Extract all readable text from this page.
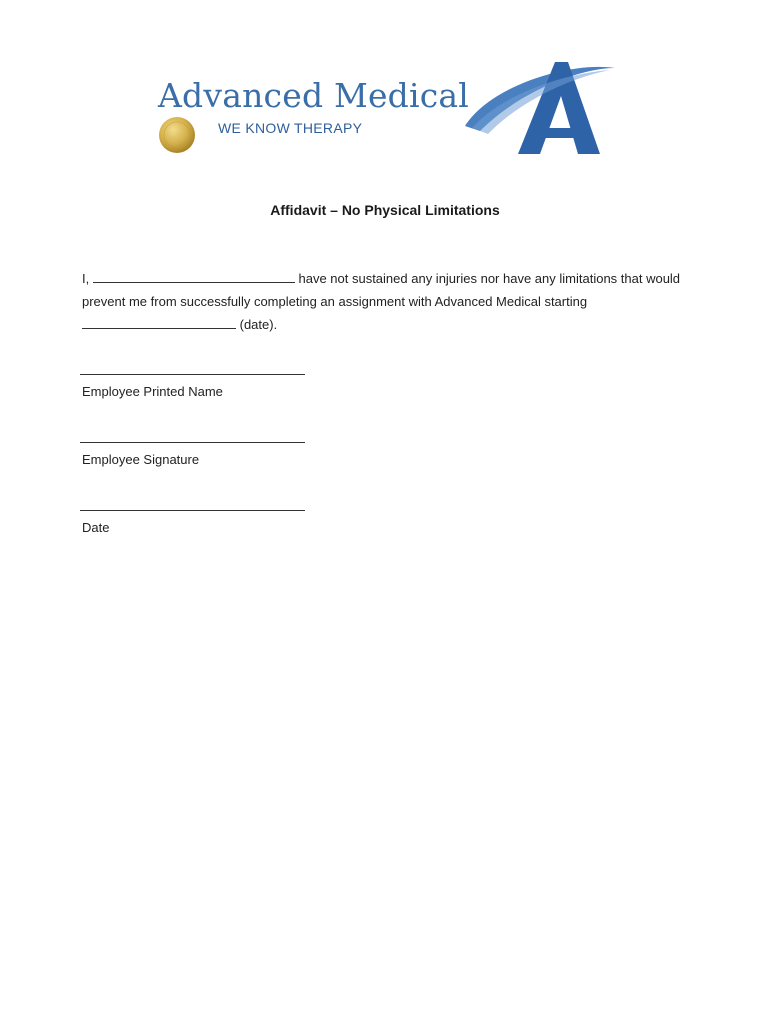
Advanced Medical
WE KNOW THERAPY
Affidavit – No Physical Limitations
I,	have not sustained any injuries nor have any limitations that would
prevent me from successfully completing an assignment with Advanced Medical starting
(date).
Employee Printed Name
Employee Signature
Date
